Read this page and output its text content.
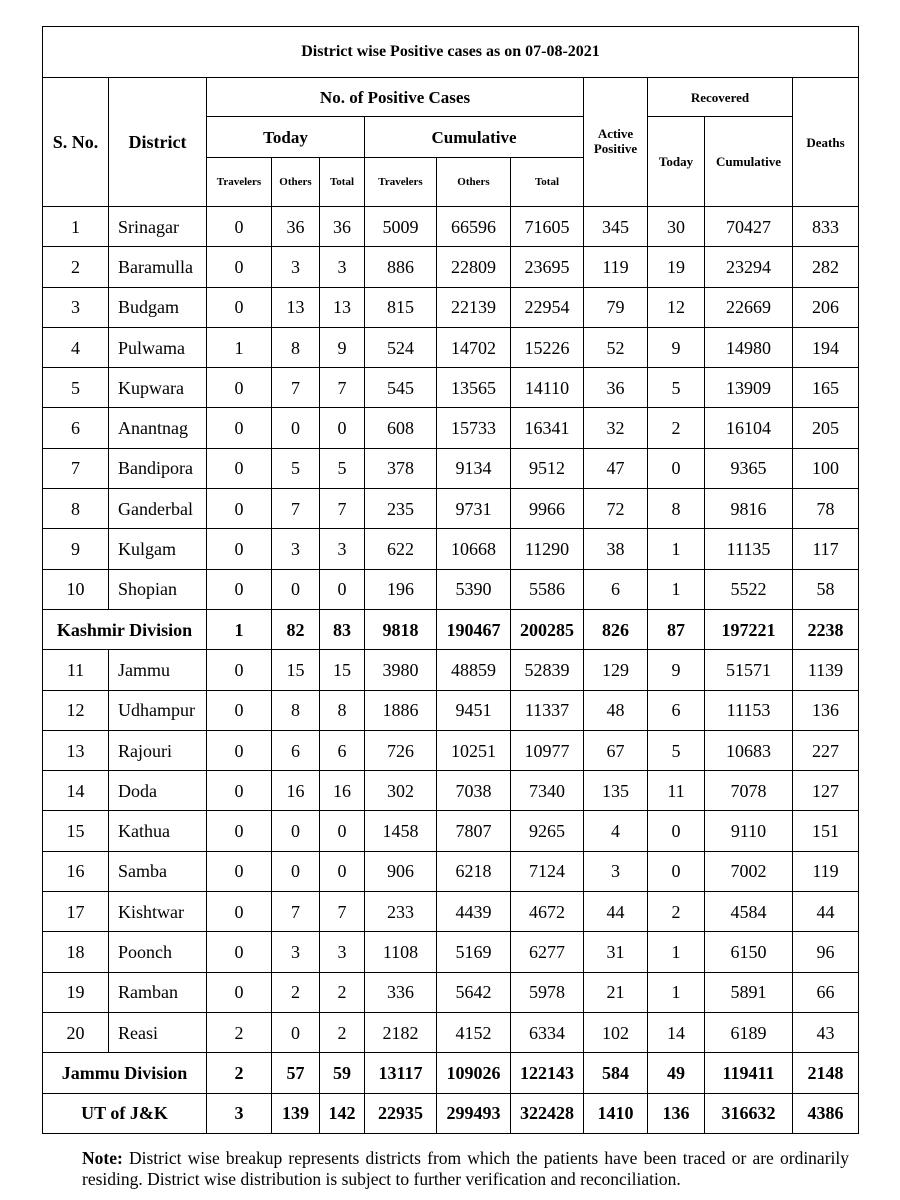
District wise Positive cases as on 07-08-2021											
S. No.	District	No. of Positive Cases						Active Positive	Recovered		Deaths
		Today			Cumulative				Today	Cumulative	
		Travelers	Others	Total	Travelers	Others	Total				
1	Srinagar	0	36	36	5009	66596	71605	345	30	70427	833
2	Baramulla	0	3	3	886	22809	23695	119	19	23294	282
3	Budgam	0	13	13	815	22139	22954	79	12	22669	206
4	Pulwama	1	8	9	524	14702	15226	52	9	14980	194
5	Kupwara	0	7	7	545	13565	14110	36	5	13909	165
6	Anantnag	0	0	0	608	15733	16341	32	2	16104	205
7	Bandipora	0	5	5	378	9134	9512	47	0	9365	100
8	Ganderbal	0	7	7	235	9731	9966	72	8	9816	78
9	Kulgam	0	3	3	622	10668	11290	38	1	11135	117
10	Shopian	0	0	0	196	5390	5586	6	1	5522	58
Kashmir Division		1	82	83	9818	190467	200285	826	87	197221	2238
11	Jammu	0	15	15	3980	48859	52839	129	9	51571	1139
12	Udhampur	0	8	8	1886	9451	11337	48	6	11153	136
13	Rajouri	0	6	6	726	10251	10977	67	5	10683	227
14	Doda	0	16	16	302	7038	7340	135	11	7078	127
15	Kathua	0	0	0	1458	7807	9265	4	0	9110	151
16	Samba	0	0	0	906	6218	7124	3	0	7002	119
17	Kishtwar	0	7	7	233	4439	4672	44	2	4584	44
18	Poonch	0	3	3	1108	5169	6277	31	1	6150	96
19	Ramban	0	2	2	336	5642	5978	21	1	5891	66
20	Reasi	2	0	2	2182	4152	6334	102	14	6189	43
Jammu Division		2	57	59	13117	109026	122143	584	49	119411	2148
UT of J&K		3	139	142	22935	299493	322428	1410	136	316632	4386
Note: District wise breakup represents districts from which the patients have been traced or are ordinarily residing. District wise distribution is subject to further verification and reconciliation.
